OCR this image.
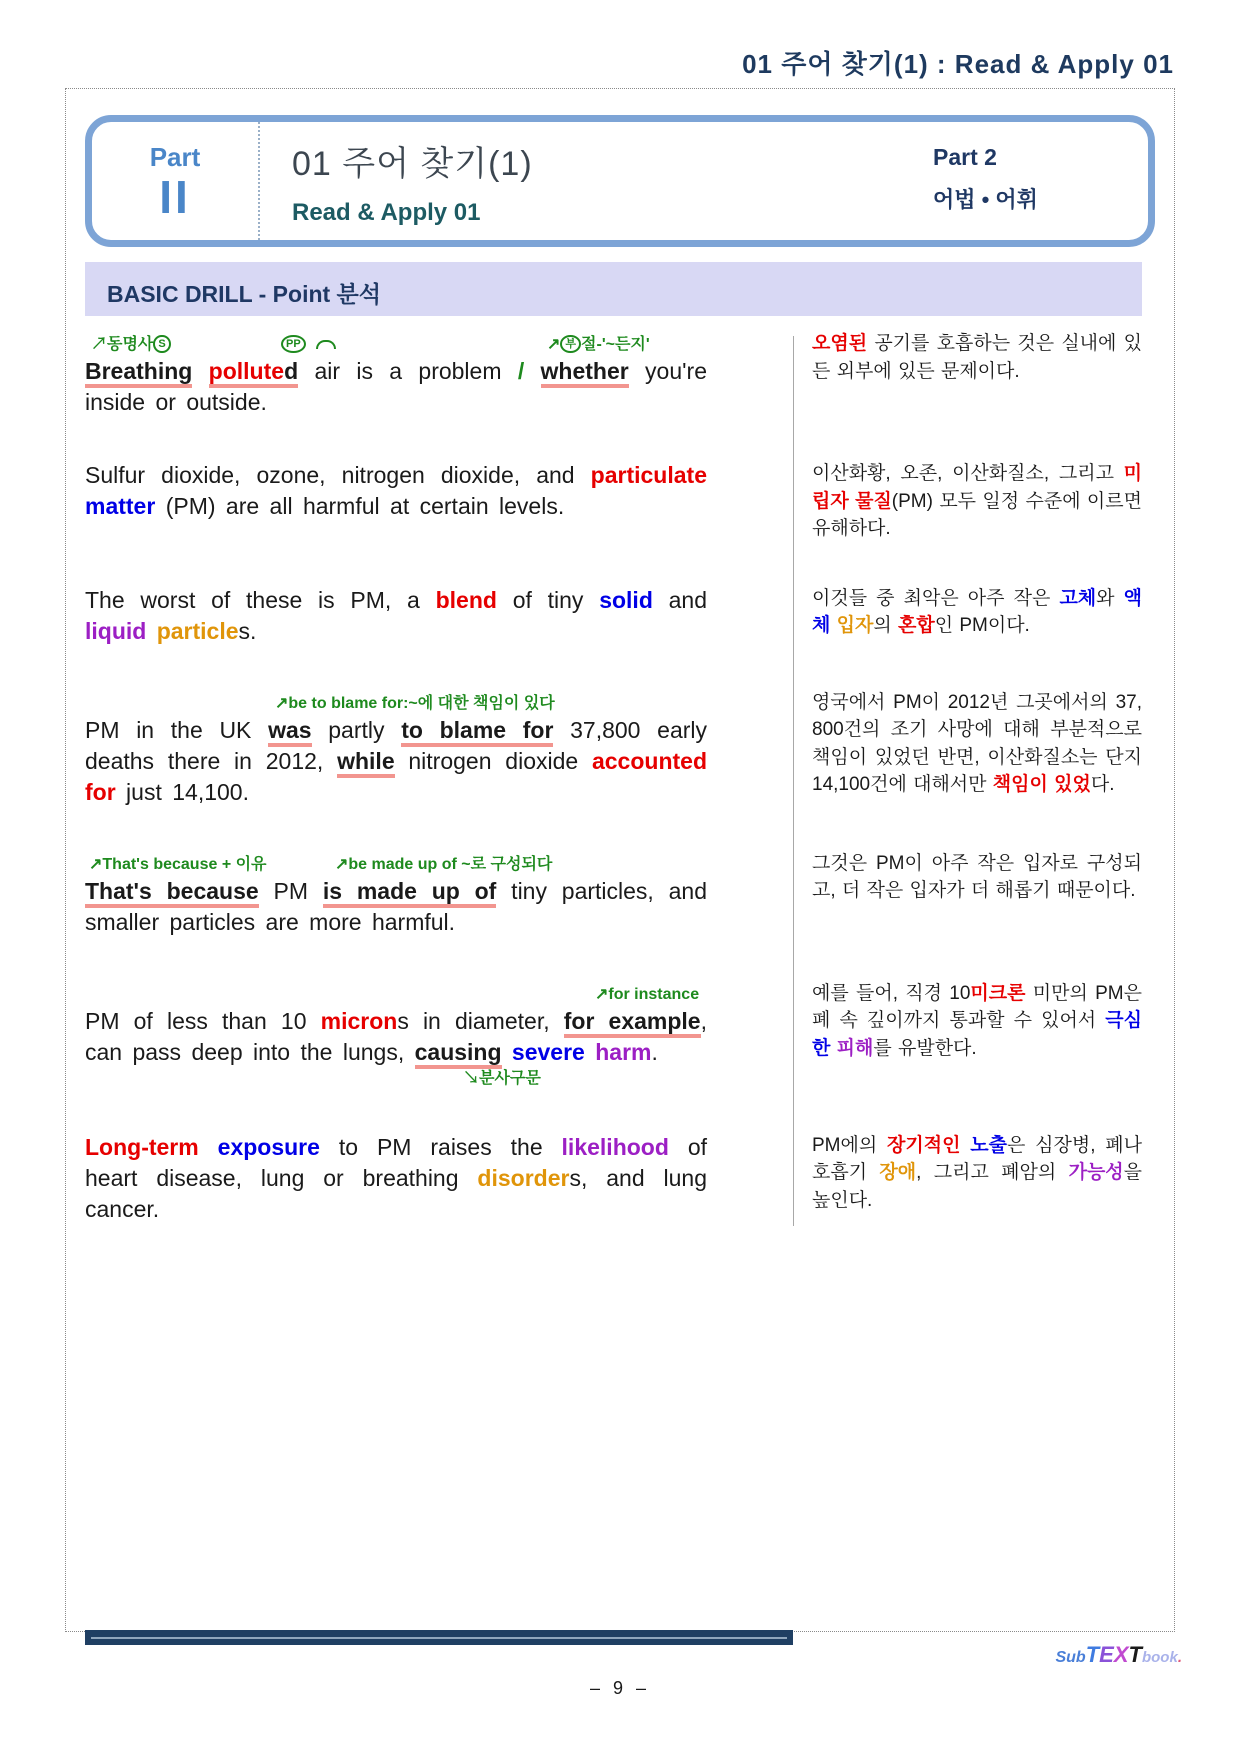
01 주어 찾기(1) : Read & Apply 01
Part
II
01 주어 찾기(1)
Read & Apply 01
Part 2
어법 • 어휘
BASIC DRILL - Point 분석
↗동명사 S	PP	↗ 부 절-'~든지'
Breathing polluted air is a problem / whether you're inside or outside.
오염된 공기를 호흡하는 것은 실내에 있든 외부에 있든 문제이다.
Sulfur dioxide, ozone, nitrogen dioxide, and particulate matter (PM) are all harmful at certain levels.
이산화황, 오존, 이산화질소, 그리고 미립자 물질(PM) 모두 일정 수준에 이르면 유해하다.
The worst of these is PM, a blend of tiny solid and liquid particles.
이것들 중 최악은 아주 작은 고체와 액체 입자의 혼합인 PM이다.
↗be to blame for:~에 대한 책임이 있다
PM in the UK was partly to blame for 37,800 early deaths there in 2012, while nitrogen dioxide accounted for just 14,100.
영국에서 PM이 2012년 그곳에서의 37,800건의 조기 사망에 대해 부분적으로 책임이 있었던 반면, 이산화질소는 단지 14,100건에 대해서만 책임이 있었다.
↗That's because + 이유	↗be made up of ~로 구성되다
That's because PM is made up of tiny particles, and smaller particles are more harmful.
그것은 PM이 아주 작은 입자로 구성되고, 더 작은 입자가 더 해롭기 때문이다.
↗for instance
PM of less than 10 microns in diameter, for example, can pass deep into the lungs, causing severe harm.
↘분사구문
예를 들어, 직경 10미크론 미만의 PM은 폐 속 깊이까지 통과할 수 있어서 극심한 피해를 유발한다.
Long-term exposure to PM raises the likelihood of heart disease, lung or breathing disorders, and lung cancer.
PM에의 장기적인 노출은 심장병, 폐나 호흡기 장애, 그리고 폐암의 가능성을 높인다.
SubTEXTbook.
– 9 –
